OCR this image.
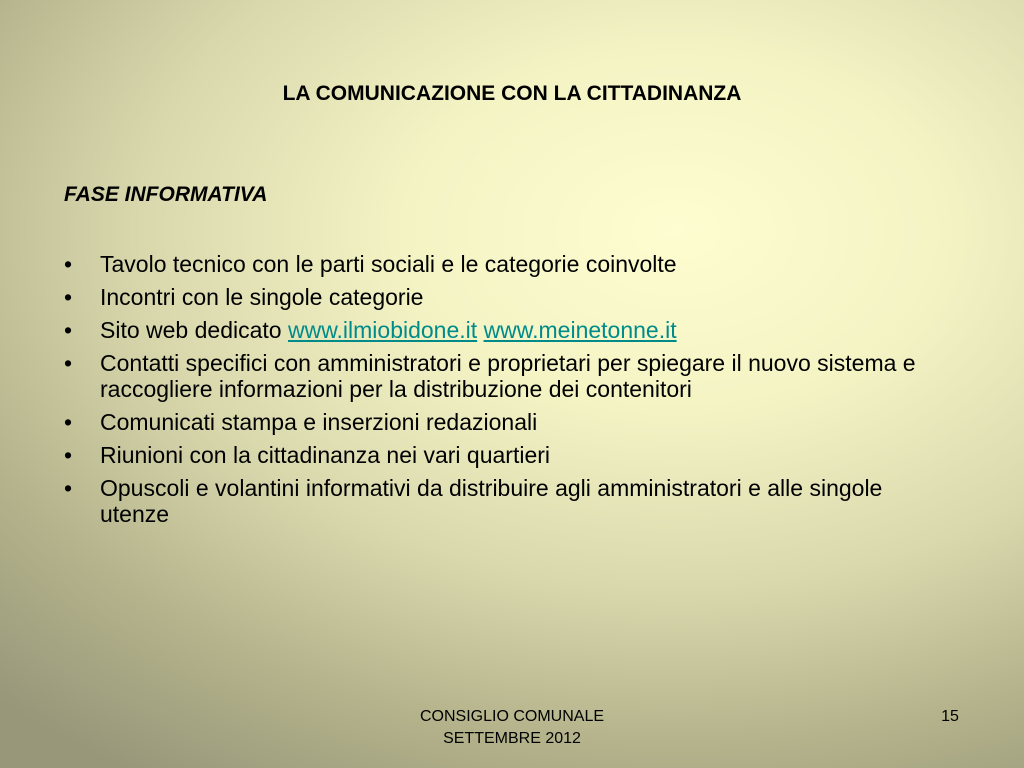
LA COMUNICAZIONE CON LA CITTADINANZA
FASE INFORMATIVA
• Tavolo tecnico con le parti sociali e le categorie coinvolte
• Incontri con le singole categorie
• Sito web dedicato www.ilmiobidone.it www.meinetonne.it
• Contatti specifici con amministratori e proprietari per spiegare il nuovo sistema e raccogliere informazioni per la distribuzione dei contenitori
• Comunicati stampa e inserzioni redazionali
• Riunioni con la cittadinanza nei vari quartieri
• Opuscoli e volantini informativi da distribuire agli amministratori e alle singole utenze
CONSIGLIO COMUNALE
SETTEMBRE 2012
15
